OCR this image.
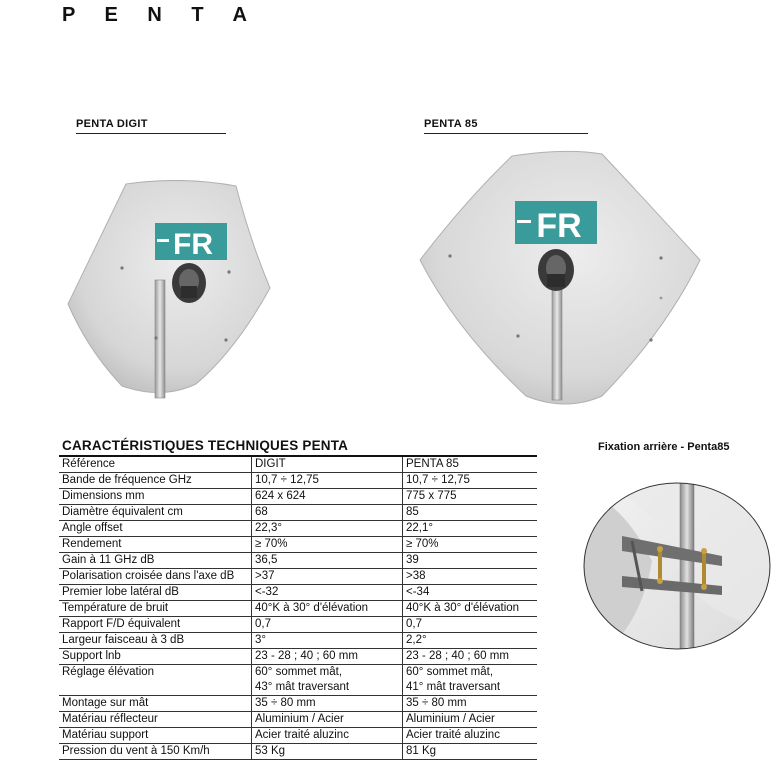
P E N T A
PENTA DIGIT	PENTA 85
FR	FR
CARACTÉRISTIQUES TECHNIQUES PENTA	Fixation arrière - Penta85
Référence	DIGIT	PENTA 85
Bande de fréquence GHz	10,7 ÷ 12,75	10,7 ÷ 12,75
Dimensions mm	624 x 624	775 x 775
Diamètre équivalent cm	68	85
Angle offset	22,3°	22,1°
Rendement	≥ 70%	≥ 70%
Gain à 11 GHz dB	36,5	39
Polarisation croisée dans l'axe dB	>37	>38
Premier lobe latéral dB	<-32	<-34
Température de bruit	40°K à 30° d'élévation	40°K à 30° d'élévation
Rapport F/D équivalent	0,7	0,7
Largeur faisceau à 3 dB	3°	2,2°
Support lnb	23 - 28 ; 40 ; 60 mm	23 - 28 ; 40 ; 60 mm
Réglage élévation	60° sommet mât,	60° sommet mât,
	43° mât traversant	41° mât traversant
Montage sur mât	35 ÷ 80 mm	35 ÷ 80 mm
Matériau réflecteur	Aluminium / Acier	Aluminium / Acier
Matériau support	Acier traité aluzinc	Acier traité aluzinc
Pression du vent à 150 Km/h	53 Kg	81 Kg
